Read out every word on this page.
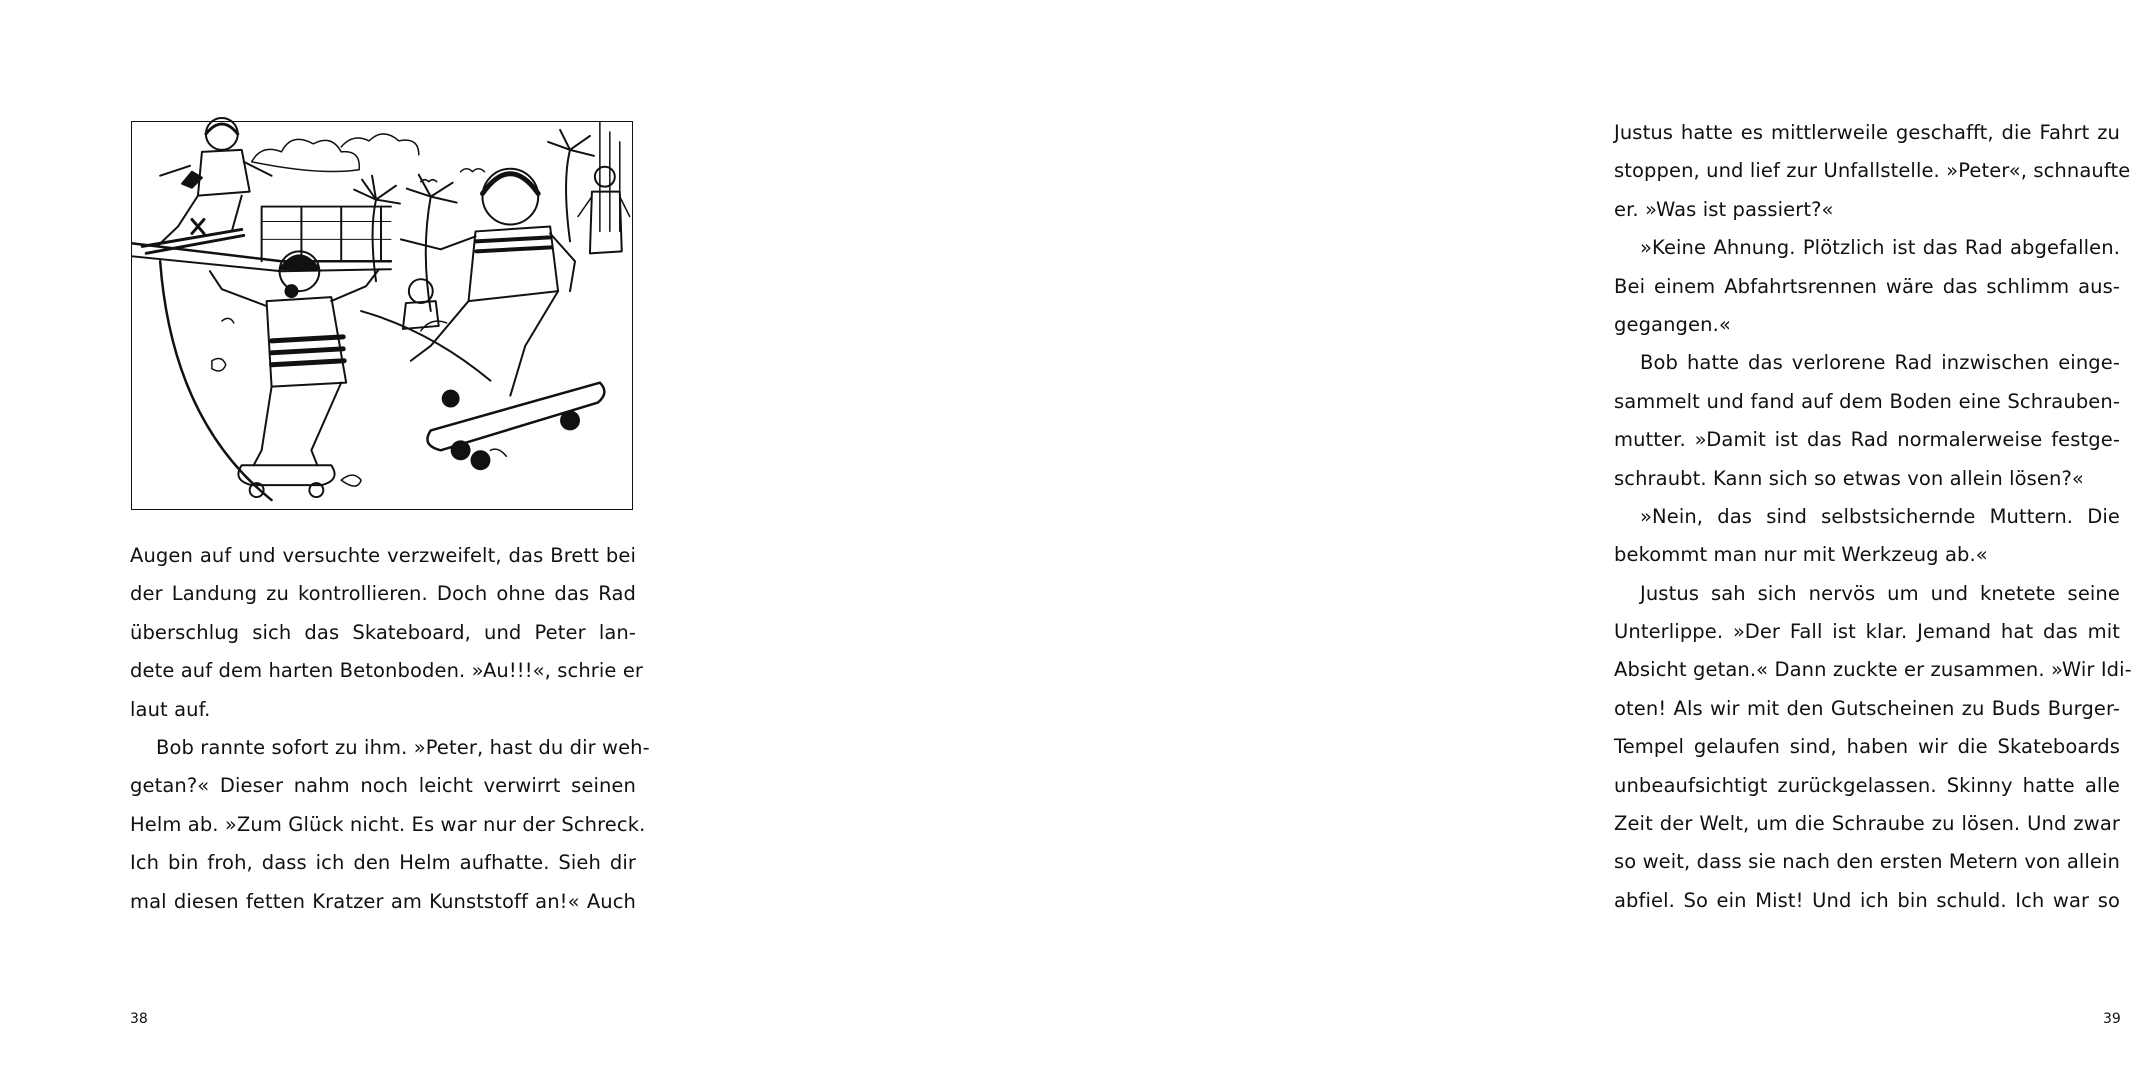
Augen auf und versuchte verzweifelt, das Brett bei
der Landung zu kontrollieren. Doch ohne das Rad
überschlug sich das Skateboard, und Peter lan-
dete auf dem harten Betonboden. »Au!!!«, schrie er
laut auf.
Bob rannte sofort zu ihm. »Peter, hast du dir weh-
getan?« Dieser nahm noch leicht verwirrt seinen
Helm ab. »Zum Glück nicht. Es war nur der Schreck.
Ich bin froh, dass ich den Helm aufhatte. Sieh dir
mal diesen fetten Kratzer am Kunststoff an!« Auch
38
Justus hatte es mittlerweile geschafft, die Fahrt zu
stoppen, und lief zur Unfallstelle. »Peter«, schnaufte
er. »Was ist passiert?«
»Keine Ahnung. Plötzlich ist das Rad abgefallen.
Bei einem Abfahrtsrennen wäre das schlimm aus-
gegangen.«
Bob hatte das verlorene Rad inzwischen einge-
sammelt und fand auf dem Boden eine Schrauben-
mutter. »Damit ist das Rad normalerweise festge-
schraubt. Kann sich so etwas von allein lösen?«
»Nein, das sind selbstsichernde Muttern. Die
bekommt man nur mit Werkzeug ab.«
Justus sah sich nervös um und knetete seine
Unterlippe. »Der Fall ist klar. Jemand hat das mit
Absicht getan.« Dann zuckte er zusammen. »Wir Idi-
oten! Als wir mit den Gutscheinen zu Buds Burger-
Tempel gelaufen sind, haben wir die Skateboards
unbeaufsichtigt zurückgelassen. Skinny hatte alle
Zeit der Welt, um die Schraube zu lösen. Und zwar
so weit, dass sie nach den ersten Metern von allein
abfiel. So ein Mist! Und ich bin schuld. Ich war so
39
